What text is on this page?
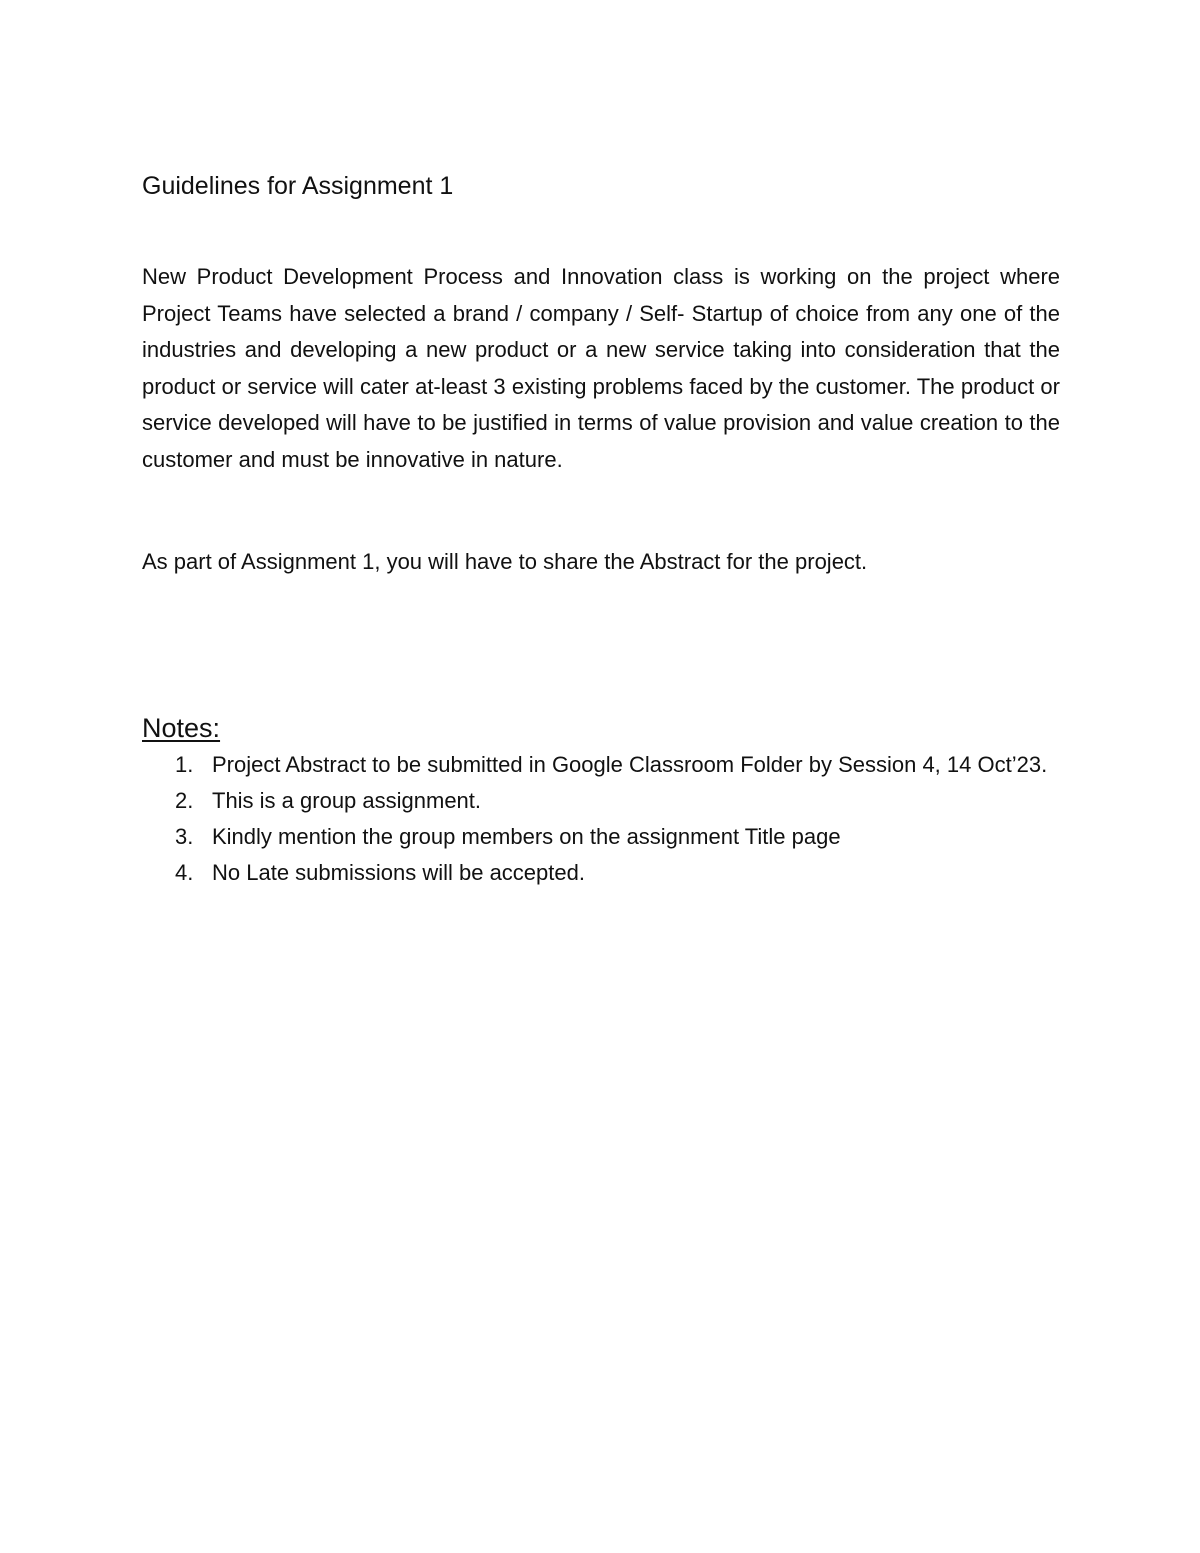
Guidelines for Assignment 1

New Product Development Process and Innovation class is working on the project where Project Teams have selected a brand / company / Self- Startup of choice from any one of the industries and developing a new product or a new service taking into consideration that the product or service will cater at-least 3 existing problems faced by the customer. The product or service developed will have to be justified in terms of value provision and value creation to the customer and must be innovative in nature.

As part of Assignment 1, you will have to share the Abstract for the project.

Notes:
1. Project Abstract to be submitted in Google Classroom Folder by Session 4, 14 Oct’23.
2. This is a group assignment.
3. Kindly mention the group members on the assignment Title page
4. No Late submissions will be accepted.
